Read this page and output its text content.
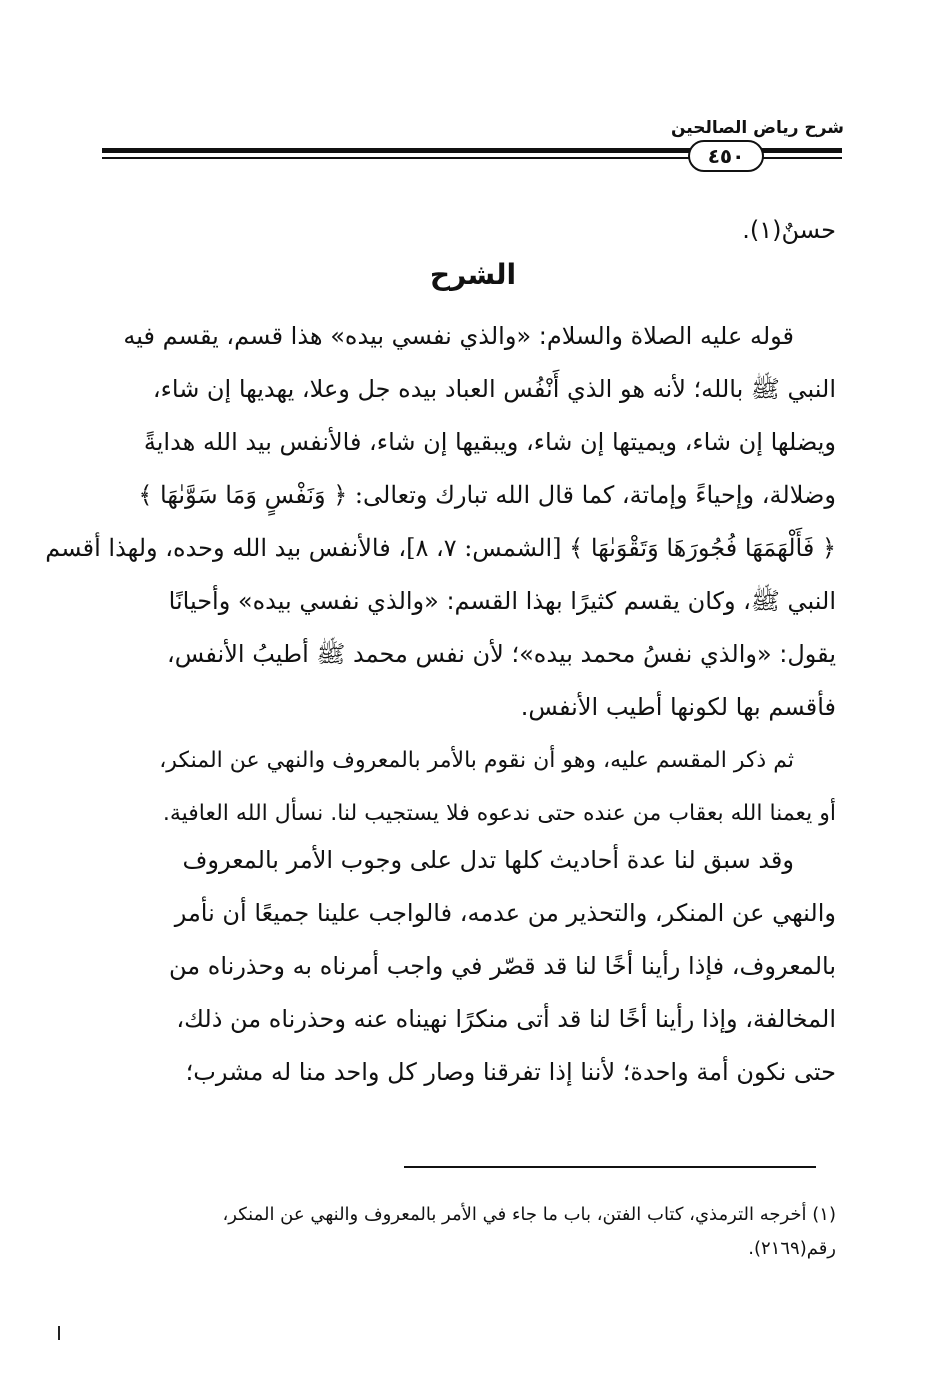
شرح رياض الصالحين
٤٥٠
حسنٌ(١).
الشرح
قوله عليه الصلاة والسلام: «والذي نفسي بيده» هذا قسم، يقسم فيه
النبي ﷺ بالله؛ لأنه هو الذي أَنْفُس العباد بيده جل وعلا، يهديها إن شاء،
ويضلها إن شاء، ويميتها إن شاء، ويبقيها إن شاء، فالأنفس بيد الله هدايةً
وضلالة، وإحياءً وإماتة، كما قال الله تبارك وتعالى: ﴿ وَنَفْسٍ وَمَا سَوَّىٰهَا ﴾
﴿ فَأَلْهَمَهَا فُجُورَهَا وَتَقْوَىٰهَا ﴾ [الشمس: ٧، ٨]، فالأنفس بيد الله وحده، ولهذا أقسم
النبي ﷺ، وكان يقسم كثيرًا بهذا القسم: «والذي نفسي بيده» وأحيانًا
يقول: «والذي نفسُ محمد بيده»؛ لأن نفس محمد ﷺ أطيبُ الأنفس،
فأقسم بها لكونها أطيب الأنفس.
ثم ذكر المقسم عليه، وهو أن نقوم بالأمر بالمعروف والنهي عن المنكر،
أو يعمنا الله بعقاب من عنده حتى ندعوه فلا يستجيب لنا. نسأل الله العافية.
وقد سبق لنا عدة أحاديث كلها تدل على وجوب الأمر بالمعروف
والنهي عن المنكر، والتحذير من عدمه، فالواجب علينا جميعًا أن نأمر
بالمعروف، فإذا رأينا أخًا لنا قد قصّر في واجب أمرناه به وحذرناه من
المخالفة، وإذا رأينا أخًا لنا قد أتى منكرًا نهيناه عنه وحذرناه من ذلك،
حتى نكون أمة واحدة؛ لأننا إذا تفرقنا وصار كل واحد منا له مشرب؛
(١) أخرجه الترمذي، كتاب الفتن، باب ما جاء في الأمر بالمعروف والنهي عن المنكر،
رقم(٢١٦٩).
